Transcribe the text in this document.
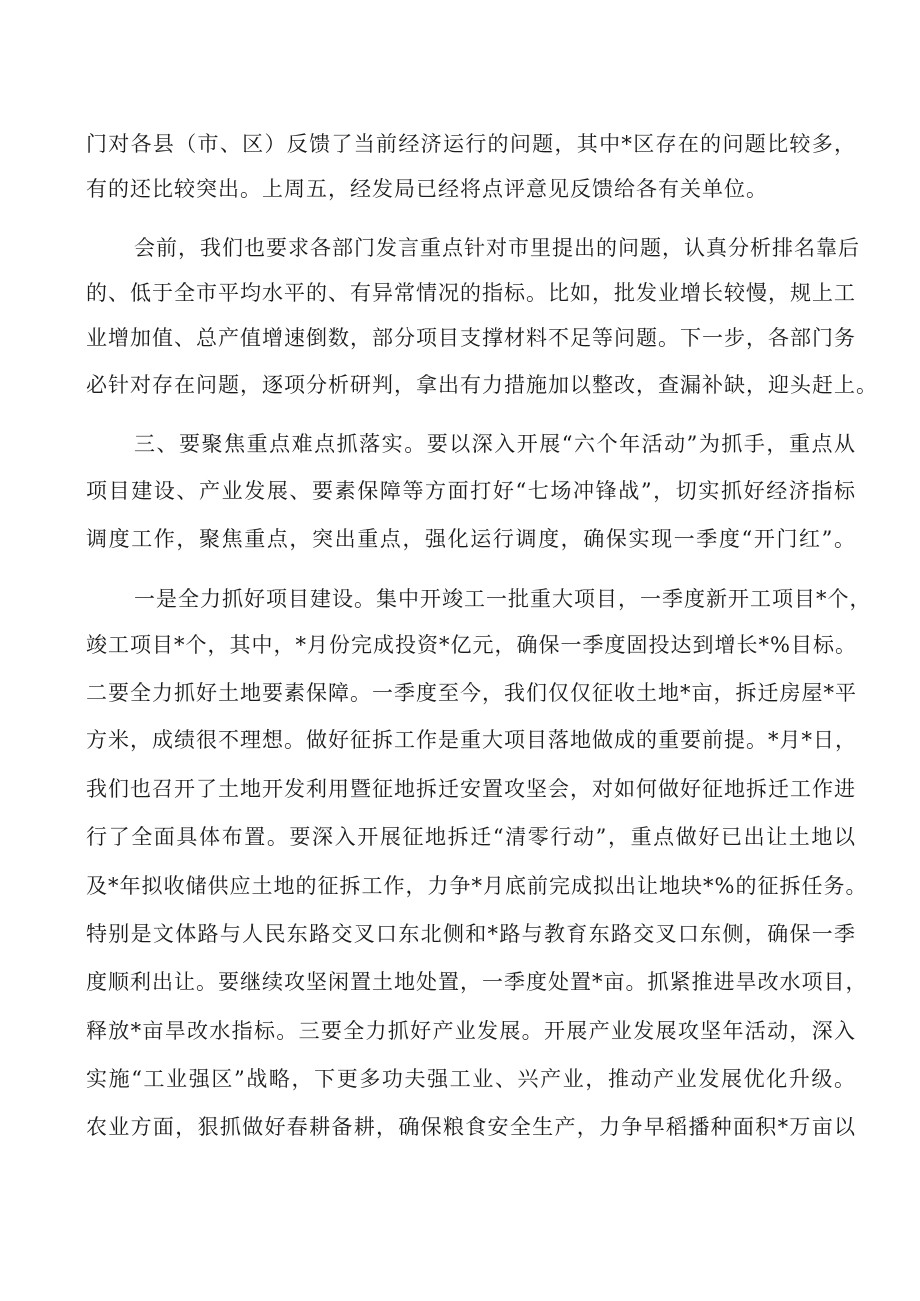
门对各县（市、区）反馈了当前经济运行的问题，其中*区存在的问题比较多，
有的还比较突出。上周五，经发局已经将点评意见反馈给各有关单位。
会前，我们也要求各部门发言重点针对市里提出的问题，认真分析排名靠后
的、低于全市平均水平的、有异常情况的指标。比如，批发业增长较慢，规上工
业增加值、总产值增速倒数，部分项目支撑材料不足等问题。下一步，各部门务
必针对存在问题，逐项分析研判，拿出有力措施加以整改，查漏补缺，迎头赶上。
三、要聚焦重点难点抓落实。要以深入开展“六个年活动”为抓手，重点从
项目建设、产业发展、要素保障等方面打好“七场冲锋战”，切实抓好经济指标
调度工作，聚焦重点，突出重点，强化运行调度，确保实现一季度“开门红”。
一是全力抓好项目建设。集中开竣工一批重大项目，一季度新开工项目*个，
竣工项目*个，其中，*月份完成投资*亿元，确保一季度固投达到增长*%目标。
二要全力抓好土地要素保障。一季度至今，我们仅仅征收土地*亩，拆迁房屋*平
方米，成绩很不理想。做好征拆工作是重大项目落地做成的重要前提。*月*日，
我们也召开了土地开发利用暨征地拆迁安置攻坚会，对如何做好征地拆迁工作进
行了全面具体布置。要深入开展征地拆迁“清零行动”，重点做好已出让土地以
及*年拟收储供应土地的征拆工作，力争*月底前完成拟出让地块*%的征拆任务。
特别是文体路与人民东路交叉口东北侧和*路与教育东路交叉口东侧，确保一季
度顺利出让。要继续攻坚闲置土地处置，一季度处置*亩。抓紧推进旱改水项目，
释放*亩旱改水指标。三要全力抓好产业发展。开展产业发展攻坚年活动，深入
实施“工业强区”战略，下更多功夫强工业、兴产业，推动产业发展优化升级。
农业方面，狠抓做好春耕备耕，确保粮食安全生产，力争早稻播种面积*万亩以
